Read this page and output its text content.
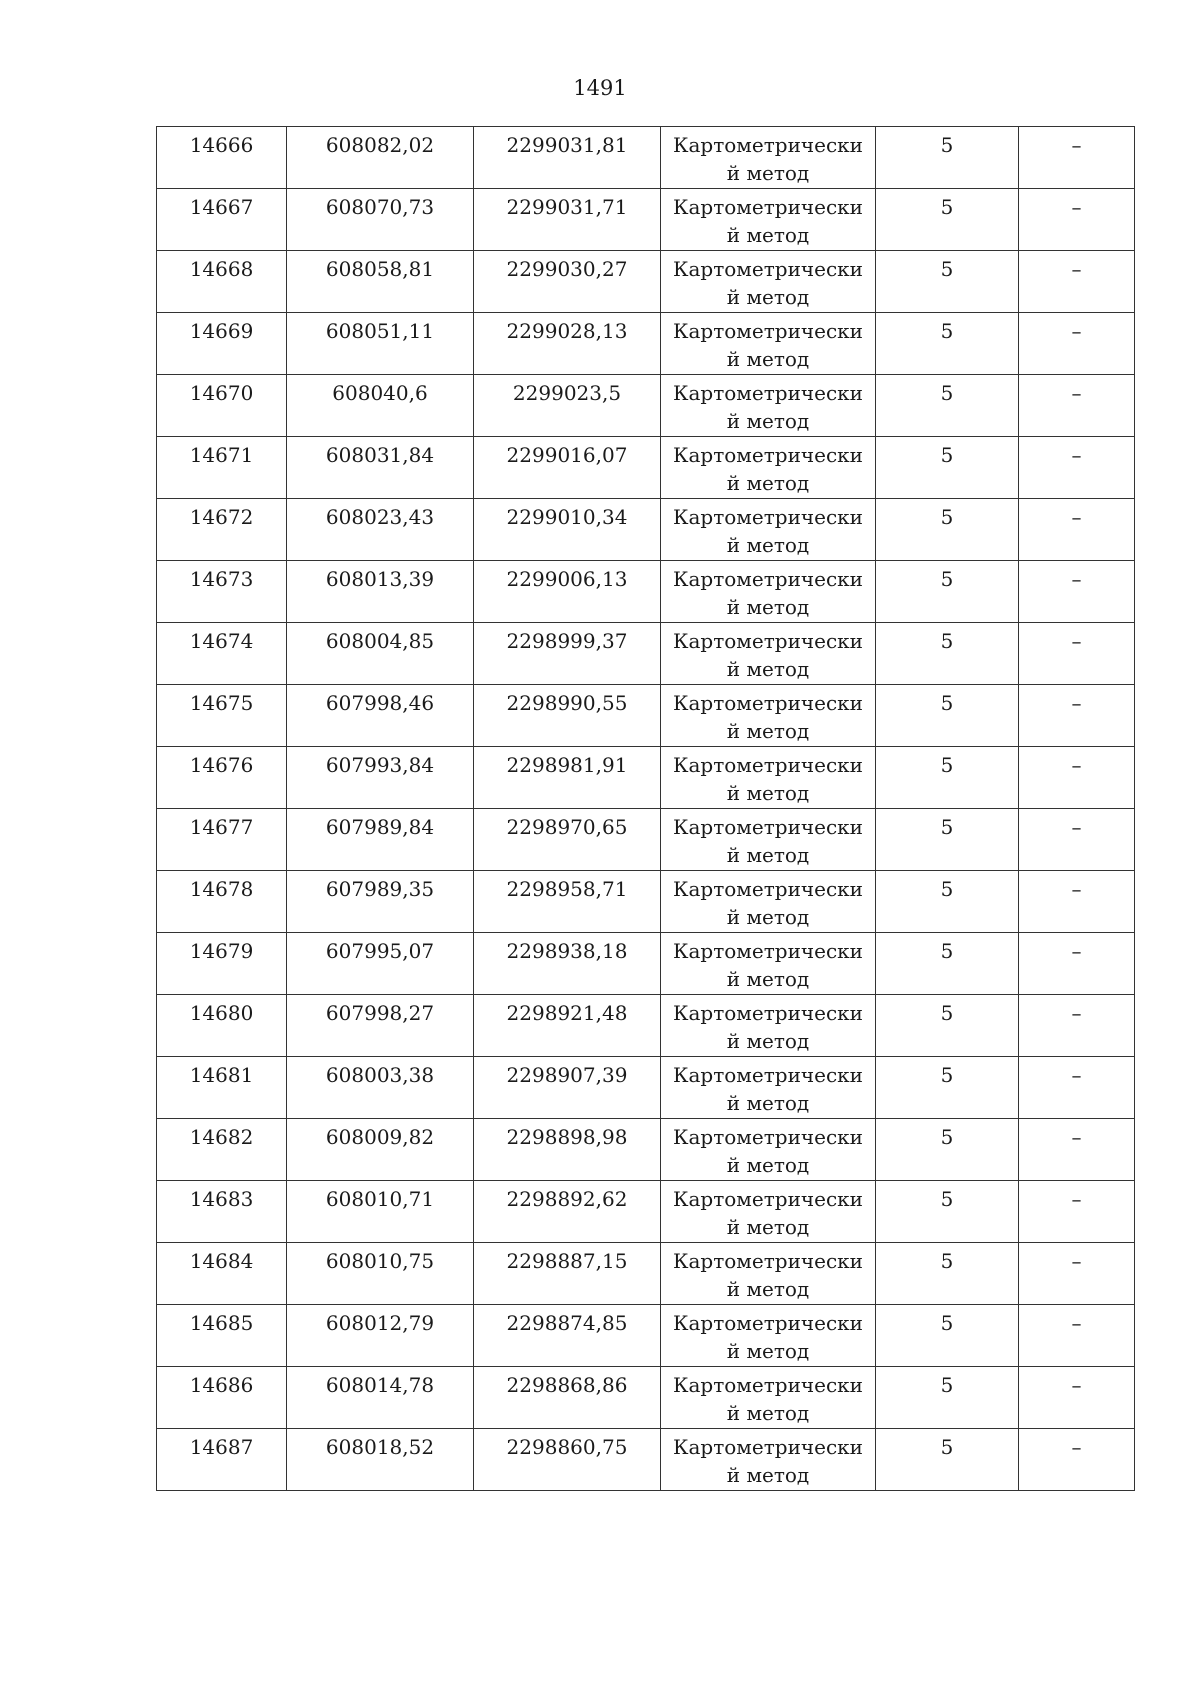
1491
14666	608082,02	2299031,81	Картометрически й метод	5	–
14667	608070,73	2299031,71	Картометрически й метод	5	–
14668	608058,81	2299030,27	Картометрически й метод	5	–
14669	608051,11	2299028,13	Картометрически й метод	5	–
14670	608040,6	2299023,5	Картометрически й метод	5	–
14671	608031,84	2299016,07	Картометрически й метод	5	–
14672	608023,43	2299010,34	Картометрически й метод	5	–
14673	608013,39	2299006,13	Картометрически й метод	5	–
14674	608004,85	2298999,37	Картометрически й метод	5	–
14675	607998,46	2298990,55	Картометрически й метод	5	–
14676	607993,84	2298981,91	Картометрически й метод	5	–
14677	607989,84	2298970,65	Картометрически й метод	5	–
14678	607989,35	2298958,71	Картометрически й метод	5	–
14679	607995,07	2298938,18	Картометрически й метод	5	–
14680	607998,27	2298921,48	Картометрически й метод	5	–
14681	608003,38	2298907,39	Картометрически й метод	5	–
14682	608009,82	2298898,98	Картометрически й метод	5	–
14683	608010,71	2298892,62	Картометрически й метод	5	–
14684	608010,75	2298887,15	Картометрически й метод	5	–
14685	608012,79	2298874,85	Картометрически й метод	5	–
14686	608014,78	2298868,86	Картометрически й метод	5	–
14687	608018,52	2298860,75	Картометрически й метод	5	–
